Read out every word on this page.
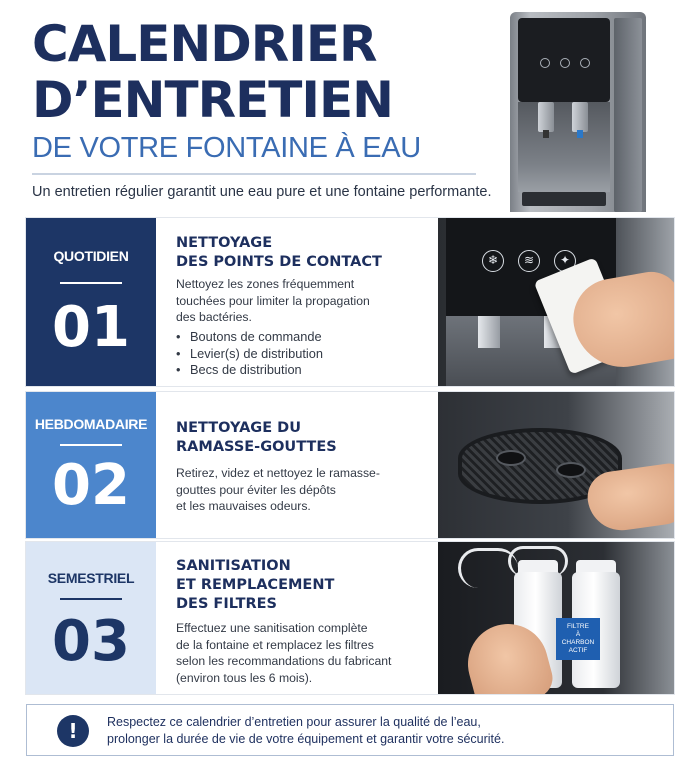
CALENDRIER
D’ENTRETIEN
DE VOTRE FONTAINE À EAU
Un entretien régulier garantit une eau pure et une fontaine performante.
QUOTIDIEN
01
NETTOYAGE
DES POINTS DE CONTACT
Nettoyez les zones fréquemment
touchées pour limiter la propagation
des bactéries.
• Boutons de commande
• Levier(s) de distribution
• Becs de distribution
❄	≋	✦
HEBDOMADAIRE
02
NETTOYAGE DU
RAMASSE-GOUTTES
Retirez, videz et nettoyez le ramasse-
gouttes pour éviter les dépôts
et les mauvaises odeurs.
SEMESTRIEL
03
SANITISATION
ET REMPLACEMENT
DES FILTRES
Effectuez une sanitisation complète
de la fontaine et remplacez les filtres
selon les recommandations du fabricant
(environ tous les 6 mois).
FILTRE
À CHARBON
ACTIF
!	Respectez ce calendrier d’entretien pour assurer la qualité de l’eau,
prolonger la durée de vie de votre équipement et garantir votre sécurité.
